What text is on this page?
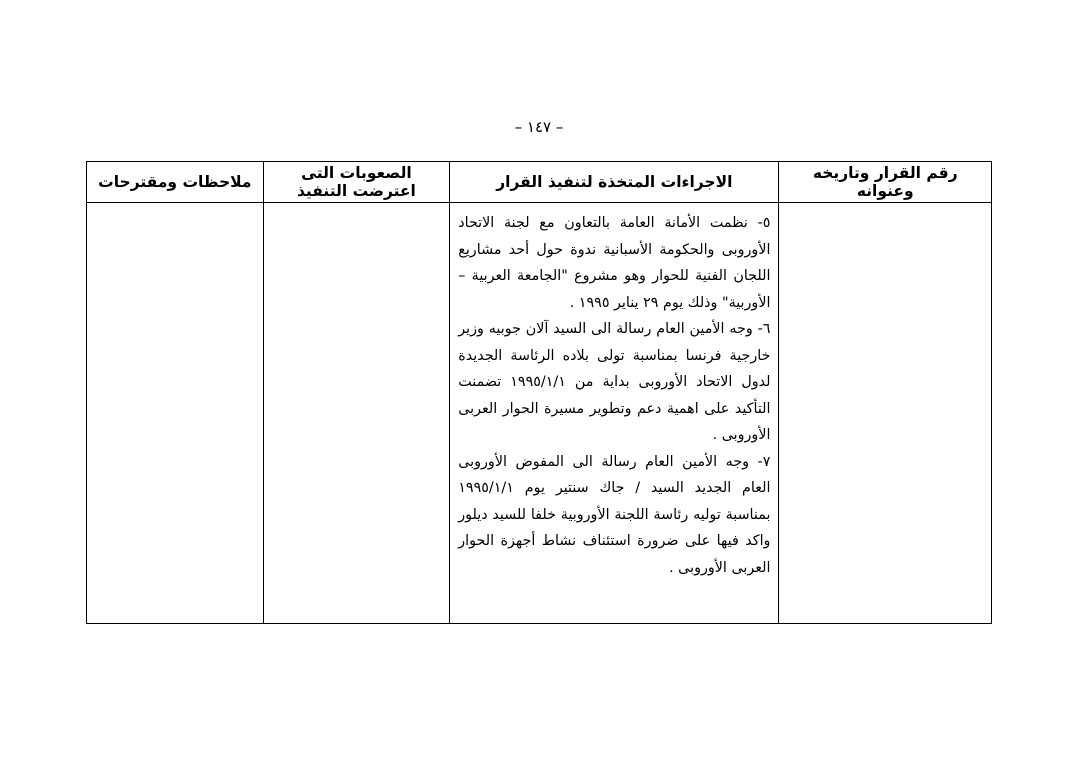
– ١٤٧ –
رقم القرار وتاريخه وعنوانه
الاجراءات المتخذة لتنفيذ القرار
الصعوبات التى اعترضت التنفيذ
ملاحظات ومقترحات
٥- نظمت الأمانة العامة بالتعاون مع لجنة الاتحاد الأوروبى والحكومة الأسبانية ندوة حول أحد مشاريع اللجان الفنية للحوار وهو مشروع "الجامعة العربية – الأوربية" وذلك يوم ٢٩ يناير ١٩٩٥ .
٦- وجه الأمين العام رسالة الى السيد آلان جوبيه وزير خارجية فرنسا بمناسبة تولى بلاده الرئاسة الجديدة لدول الاتحاد الأوروبى بداية من ١٩٩٥/١/١ تضمنت التأكيد على اهمية دعم وتطوير مسيرة الحوار العربى الأوروبى .
٧- وجه الأمين العام رسالة الى المفوض الأوروبى العام الجديد السيد / جاك سنتير يوم ١٩٩٥/١/١ بمناسبة توليه رئاسة اللجنة الأوروبية خلفا للسيد ديلور واكد فيها على ضرورة استئناف نشاط أجهزة الحوار العربى الأوروبى .
